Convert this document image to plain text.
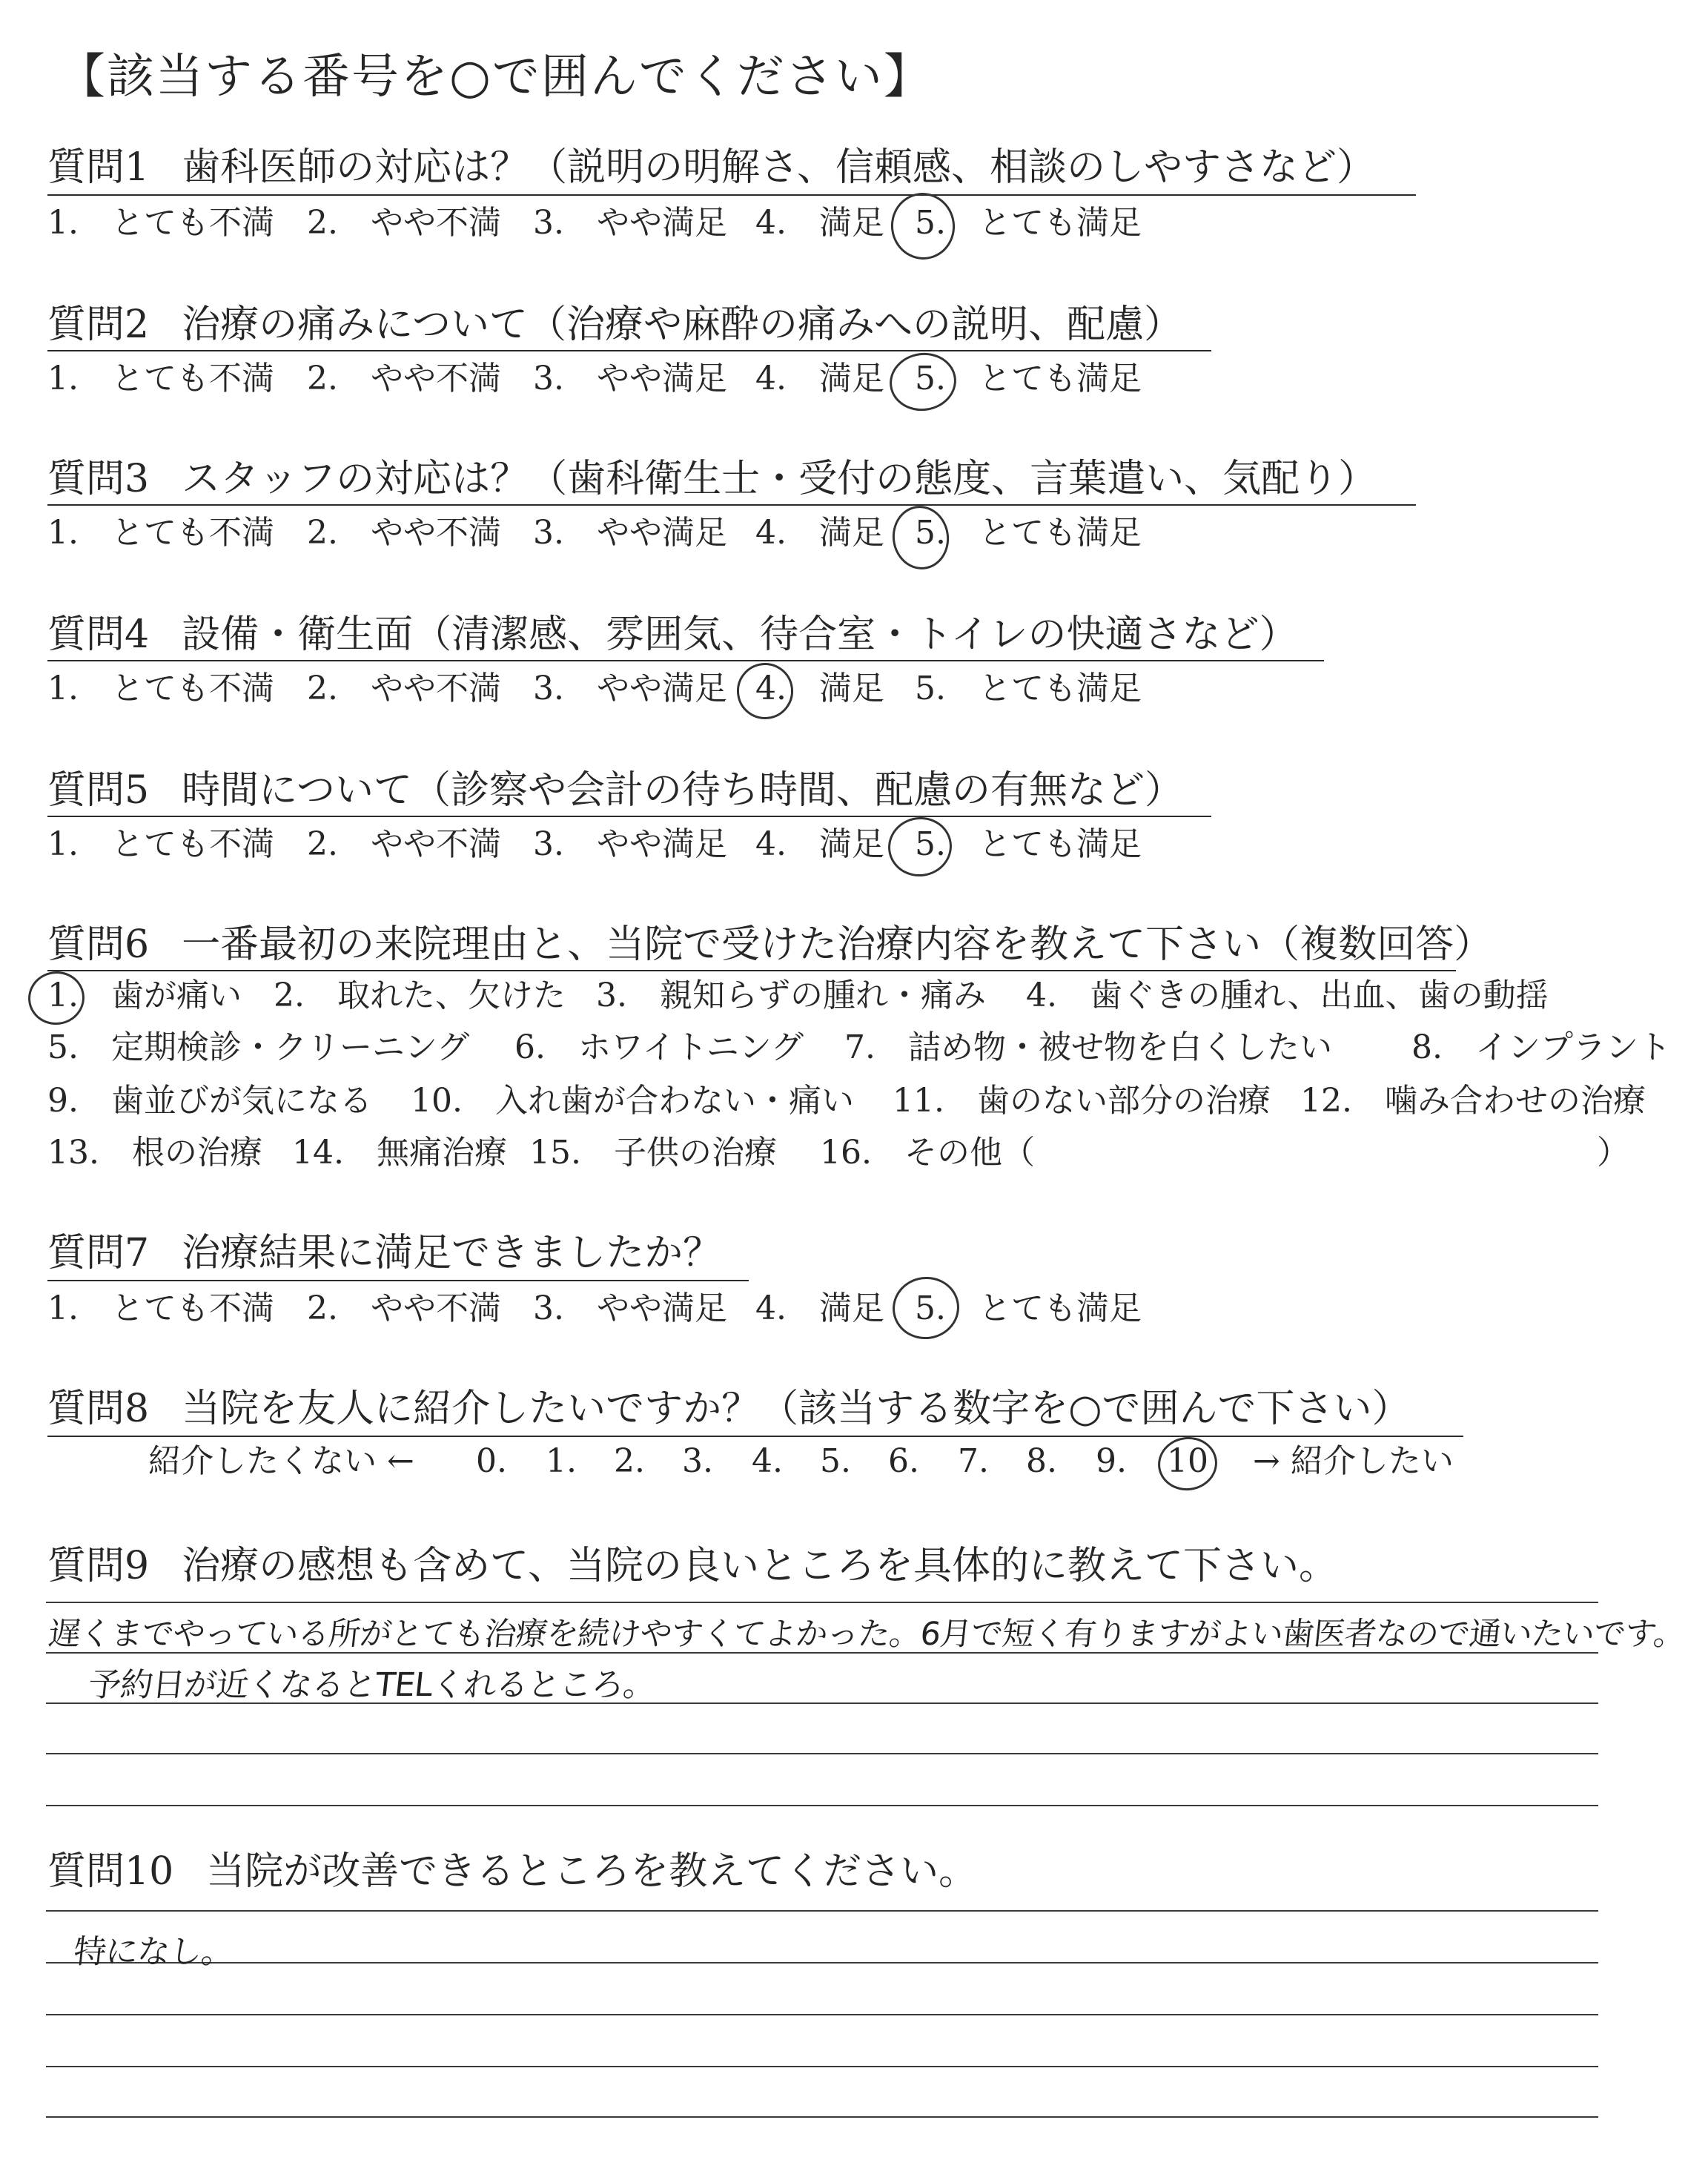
【該当する番号を○で囲んでください】
質問1 歯科医師の対応は？（説明の明解さ、信頼感、相談のしやすさなど）
1.　とても不満 2.　やや不満 3.　やや満足 4.　満足 5.　とても満足
質問2 治療の痛みについて（治療や麻酔の痛みへの説明、配慮）
1.　とても不満 2.　やや不満 3.　やや満足 4.　満足 5.　とても満足
質問3 スタッフの対応は？（歯科衛生士・受付の態度、言葉遣い、気配り）
1.　とても不満 2.　やや不満 3.　やや満足 4.　満足 5.　とても満足
質問4 設備・衛生面（清潔感、雰囲気、待合室・トイレの快適さなど）
1.　とても不満 2.　やや不満 3.　やや満足 4.　満足 5.　とても満足
質問5 時間について（診察や会計の待ち時間、配慮の有無など）
1.　とても不満 2.　やや不満 3.　やや満足 4.　満足 5.　とても満足
質問6 一番最初の来院理由と、当院で受けた治療内容を教えて下さい（複数回答）
1.　歯が痛い 2.　取れた、欠けた 3.　親知らずの腫れ・痛み 4.　歯ぐきの腫れ、出血、歯の動揺
5.　定期検診・クリーニング 6.　ホワイトニング 7.　詰め物・被せ物を白くしたい 8.　インプラント
9.　歯並びが気になる 10.　入れ歯が合わない・痛い 11.　歯のない部分の治療 12.　噛み合わせの治療
13.　根の治療 14.　無痛治療 15.　子供の治療 16.　その他（	）
質問7 治療結果に満足できましたか？
1.　とても不満 2.　やや不満 3.　やや満足 4.　満足 5.　とても満足
質問8 当院を友人に紹介したいですか？（該当する数字を○で囲んで下さい）
紹介したくない ← 0. 1. 2. 3. 4. 5. 6. 7. 8. 9. 10 → 紹介したい
質問9 治療の感想も含めて、当院の良いところを具体的に教えて下さい。
遅くまでやっている所がとても治療を続けやすくてよかった。6月で短く有りますがよい歯医者なので通いたいです。
予約日が近くなるとTELくれるところ。
質問10 当院が改善できるところを教えてください。
特になし。
